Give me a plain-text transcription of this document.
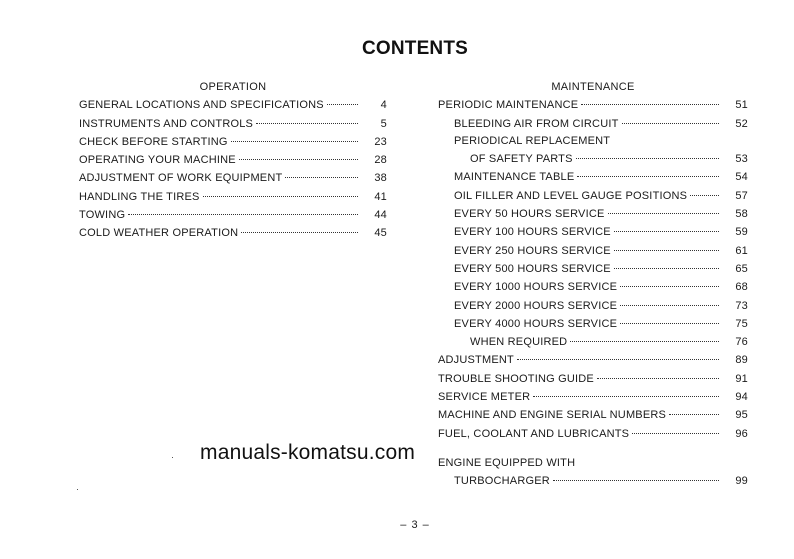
CONTENTS
OPERATION
GENERAL LOCATIONS AND SPECIFICATIONS	4
INSTRUMENTS AND CONTROLS	5
CHECK BEFORE STARTING	23
OPERATING YOUR MACHINE	28
ADJUSTMENT OF WORK EQUIPMENT	38
HANDLING THE TIRES	41
TOWING	44
COLD WEATHER OPERATION	45
MAINTENANCE
PERIODIC MAINTENANCE	51
BLEEDING AIR FROM CIRCUIT	52
PERIODICAL REPLACEMENT
OF SAFETY PARTS	53
MAINTENANCE TABLE	54
OIL FILLER AND LEVEL GAUGE POSITIONS	57
EVERY 50 HOURS SERVICE	58
EVERY 100 HOURS SERVICE	59
EVERY 250 HOURS SERVICE	61
EVERY 500 HOURS SERVICE	65
EVERY 1000 HOURS SERVICE	68
EVERY 2000 HOURS SERVICE	73
EVERY 4000 HOURS SERVICE	75
WHEN REQUIRED	76
ADJUSTMENT	89
TROUBLE SHOOTING GUIDE	91
SERVICE METER	94
MACHINE AND ENGINE SERIAL NUMBERS	95
FUEL, COOLANT AND LUBRICANTS	96
ENGINE EQUIPPED WITH
TURBOCHARGER	99
manuals-komatsu.com
– 3 –
